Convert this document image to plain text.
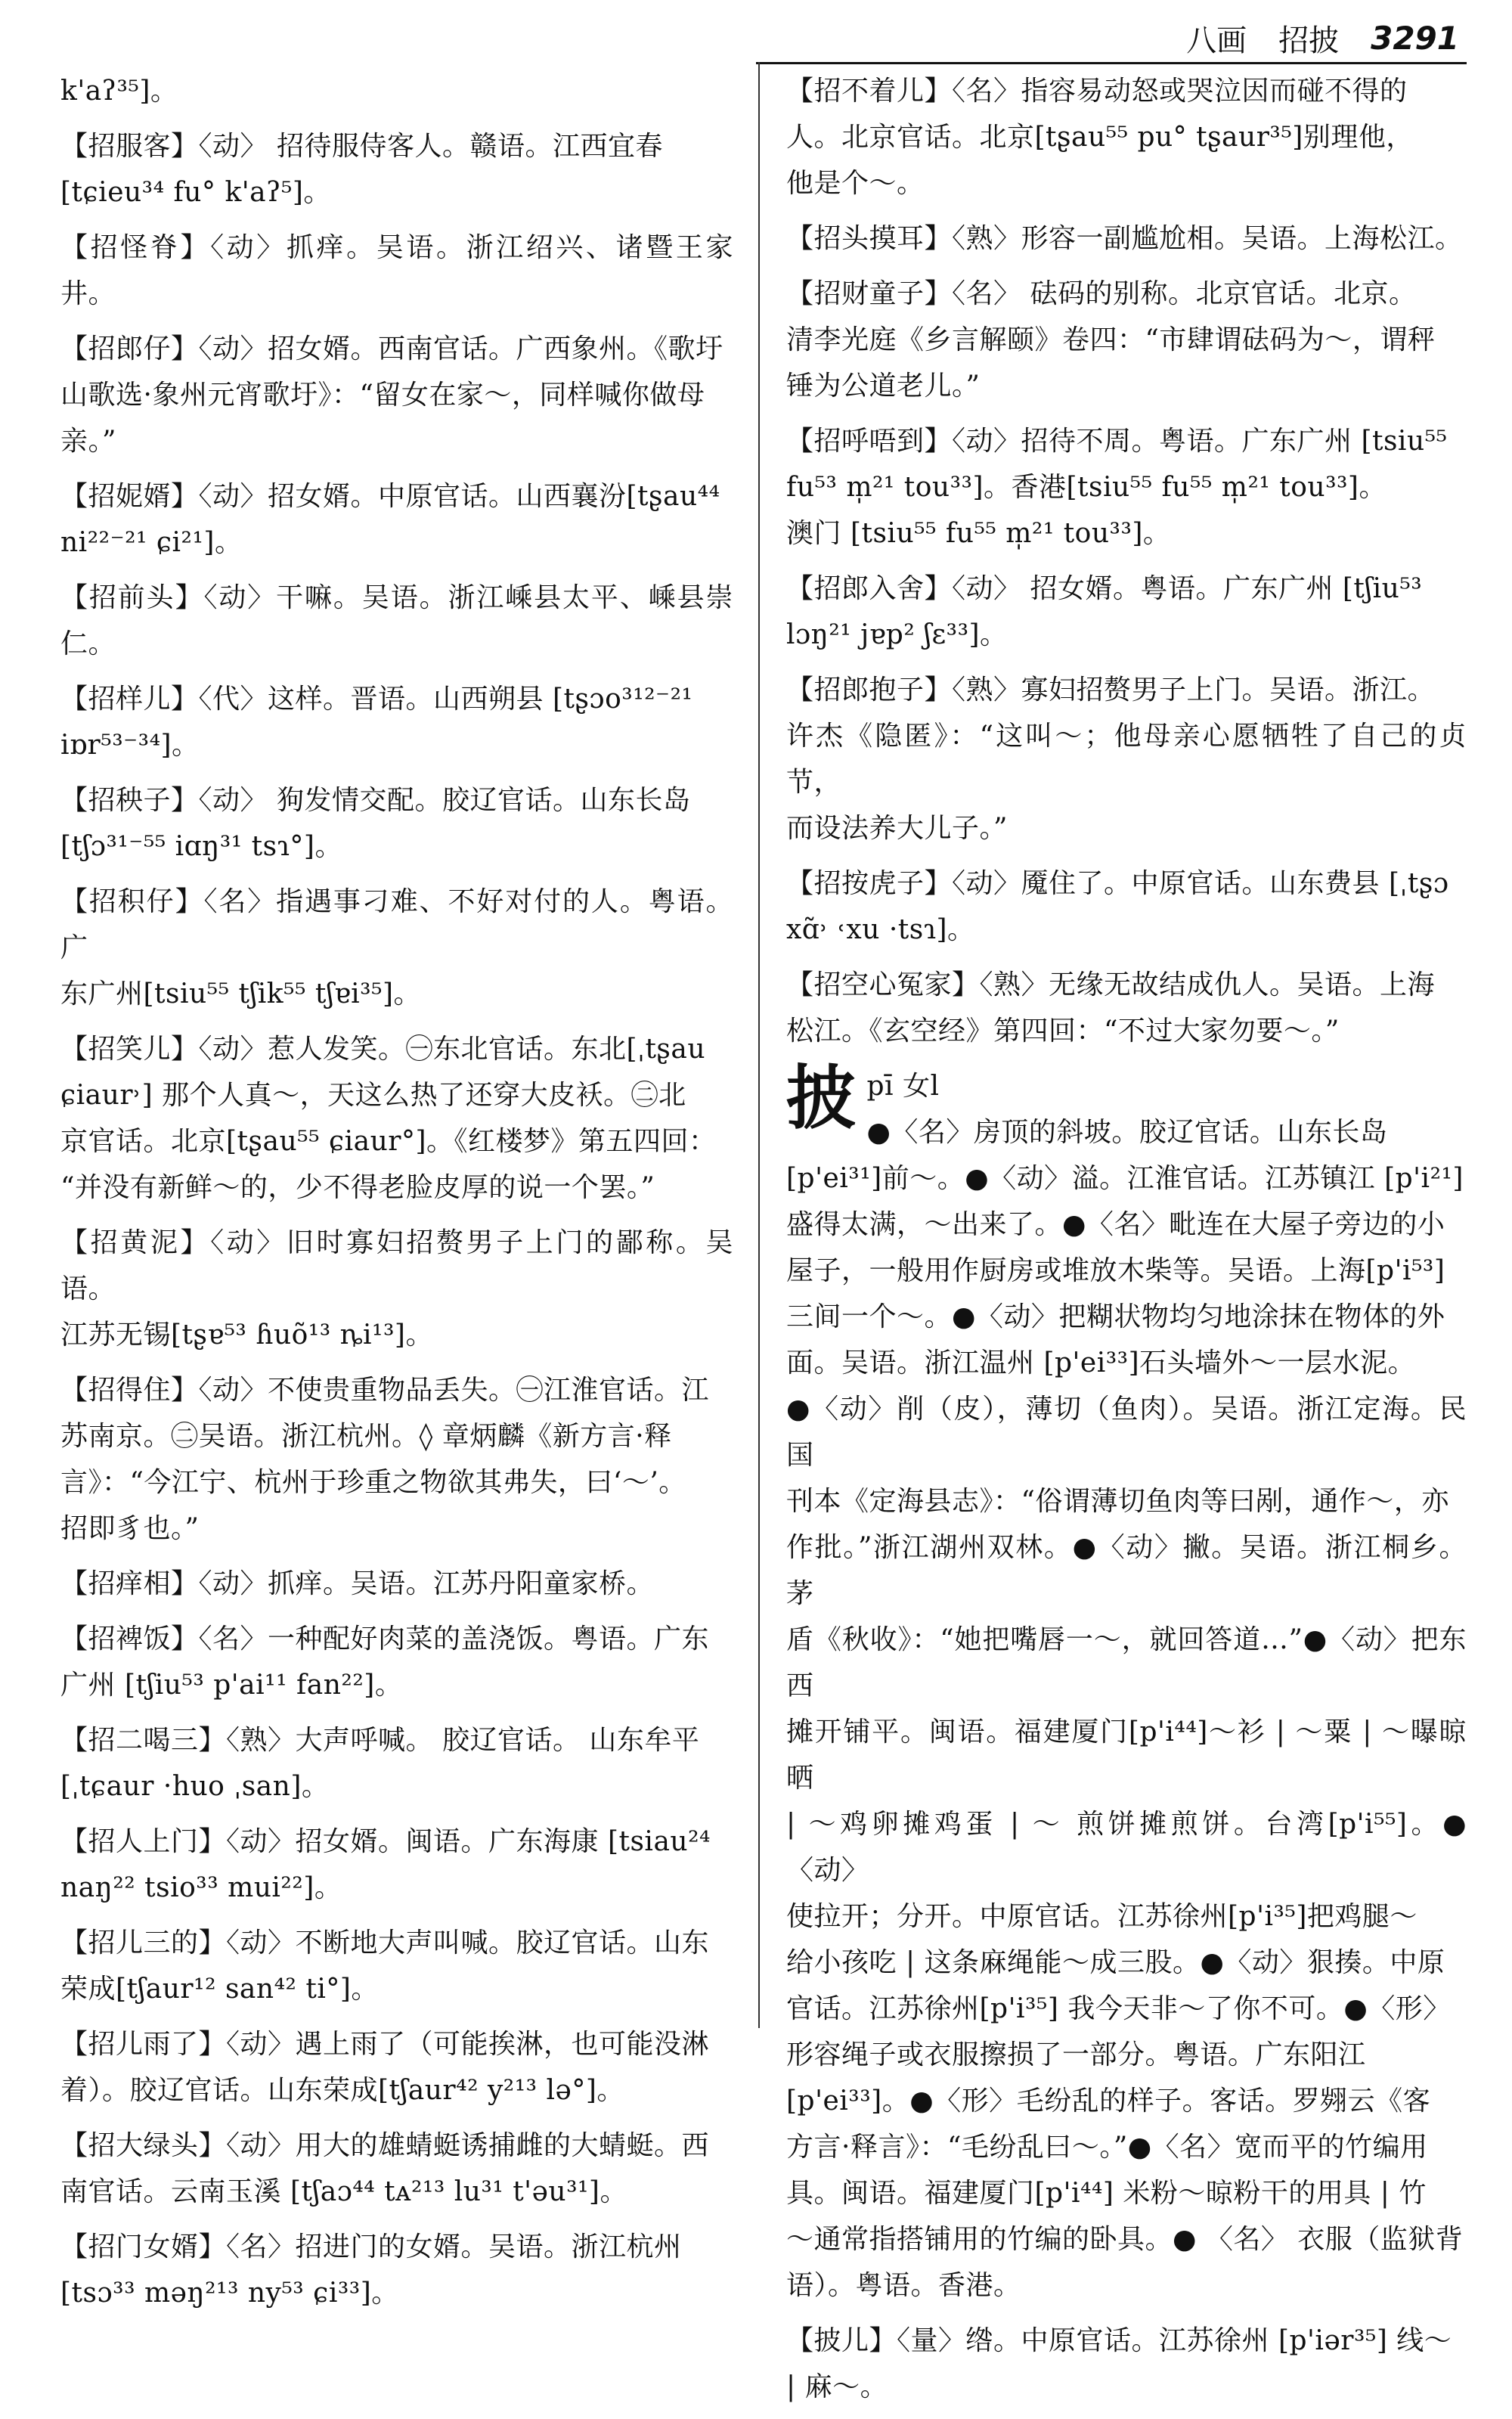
八画 招披 3291

k'aʔ³⁵]。

【招服客】〈动〉 招待服侍客人。赣语。江西宜春
[tɕieu³⁴ fu° k'aʔ⁵]。

【招怪脊】〈动〉抓痒。吴语。浙江绍兴、诸暨王家井。

【招郎仔】〈动〉招女婿。西南官话。广西象州。《歌圩
山歌选·象州元宵歌圩》：“留女在家～，同样喊你做母
亲。”

【招妮婿】〈动〉招女婿。中原官话。山西襄汾[tʂau⁴⁴
ni²²⁻²¹ ɕi²¹]。

【招前头】〈动〉干嘛。吴语。浙江嵊县太平、嵊县崇仁。

【招样儿】〈代〉这样。晋语。山西朔县 [tʂɔo³¹²⁻²¹
iɒr⁵³⁻³⁴]。

【招秧子】〈动〉 狗发情交配。胶辽官话。山东长岛
[tʃɔ³¹⁻⁵⁵ iɑŋ³¹ tsɿ°]。

【招积仔】〈名〉指遇事刁难、不好对付的人。粤语。广
东广州[tsiu⁵⁵ tʃik⁵⁵ tʃɐi³⁵]。

【招笑儿】〈动〉惹人发笑。㊀东北官话。东北[ˌtʂau
ɕiaur˒] 那个人真～，天这么热了还穿大皮袄。㊁北
京官话。北京[tʂau⁵⁵ ɕiaur°]。《红楼梦》第五四回：
“并没有新鲜～的，少不得老脸皮厚的说一个罢。”

【招黄泥】〈动〉旧时寡妇招赘男子上门的鄙称。吴语。
江苏无锡[tʂɐ⁵³ ɦuõ¹³ ȵi¹³]。

【招得住】〈动〉不使贵重物品丢失。㊀江淮官话。江
苏南京。㊁吴语。浙江杭州。◊ 章炳麟《新方言·释
言》：“今江宁、杭州于珍重之物欲其弗失，曰‘～’。
招即豸也。”

【招痒相】〈动〉抓痒。吴语。江苏丹阳童家桥。

【招裨饭】〈名〉一种配好肉菜的盖浇饭。粤语。广东
广州 [tʃiu⁵³ p'ai¹¹ fan²²]。

【招二喝三】〈熟〉大声呼喊。 胶辽官话。 山东牟平
[ˌtɕaur ·huo ˌsan]。

【招人上门】〈动〉招女婿。闽语。广东海康 [tsiau²⁴
naŋ²² tsio³³ mui²²]。

【招儿三的】〈动〉不断地大声叫喊。胶辽官话。山东
荣成[tʃaur¹² san⁴² ti°]。

【招儿雨了】〈动〉遇上雨了（可能挨淋，也可能没淋
着）。胶辽官话。山东荣成[tʃaur⁴² y²¹³ lə°]。

【招大绿头】〈动〉用大的雄蜻蜓诱捕雌的大蜻蜓。西
南官话。云南玉溪 [tʃaɔ⁴⁴ tᴀ²¹³ lu³¹ t'əu³¹]。

【招门女婿】〈名〉招进门的女婿。吴语。浙江杭州
[tsɔ³³ məŋ²¹³ ny⁵³ ɕi³³]。

【招不着儿】〈名〉指容易动怒或哭泣因而碰不得的
人。北京官话。北京[tʂau⁵⁵ pu° tʂaur³⁵]别理他，
他是个～。

【招头摸耳】〈熟〉形容一副尴尬相。吴语。上海松江。

【招财童子】〈名〉 砝码的别称。北京官话。北京。
清李光庭《乡言解颐》卷四：“市肆谓砝码为～，谓秤
锤为公道老儿。”

【招呼唔到】〈动〉招待不周。粤语。广东广州 [tsiu⁵⁵
fu⁵³ m̩²¹ tou³³]。香港[tsiu⁵⁵ fu⁵⁵ m̩²¹ tou³³]。
澳门 [tsiu⁵⁵ fu⁵⁵ m̩²¹ tou³³]。

【招郎入舍】〈动〉 招女婿。粤语。广东广州 [tʃiu⁵³
lɔŋ²¹ jɐp² ʃɛ³³]。

【招郎抱子】〈熟〉寡妇招赘男子上门。吴语。浙江。
许杰《隐匿》：“这叫～；他母亲心愿牺牲了自己的贞节，
而设法养大儿子。”

【招按虎子】〈动〉魇住了。中原官话。山东费县 [ˌtʂɔ
xɑ̃˒ ˓xu ·tsɿ]。

【招空心冤家】〈熟〉无缘无故结成仇人。吴语。上海
松江。《玄空经》第四回：“不过大家勿要～。”

披 pī 女l

●〈名〉房顶的斜坡。胶辽官话。山东长岛
[p'ei³¹]前～。●〈动〉溢。江淮官话。江苏镇江 [p'i²¹]
盛得太满，～出来了。●〈名〉毗连在大屋子旁边的小
屋子，一般用作厨房或堆放木柴等。吴语。上海[p'i⁵³]
三间一个～。●〈动〉把糊状物均匀地涂抹在物体的外
面。吴语。浙江温州 [p'ei³³]石头墙外～一层水泥。
●〈动〉削（皮），薄切（鱼肉）。吴语。浙江定海。民国
刊本《定海县志》：“俗谓薄切鱼肉等曰剐，通作～，亦
作批。”浙江湖州双林。●〈动〉撇。吴语。浙江桐乡。茅
盾《秋收》：“她把嘴唇一～，就回答道…”●〈动〉把东西
摊开铺平。闽语。福建厦门[p'i⁴⁴]～衫 | ～粟 | ～曝晾晒
| ～鸡卵摊鸡蛋 | ～ 煎饼摊煎饼。台湾[p'i⁵⁵]。●〈动〉
使拉开；分开。中原官话。江苏徐州[p'i³⁵]把鸡腿～
给小孩吃 | 这条麻绳能～成三股。●〈动〉狠揍。中原
官话。江苏徐州[p'i³⁵] 我今天非～了你不可。●〈形〉
形容绳子或衣服擦损了一部分。粤语。广东阳江
[p'ei³³]。●〈形〉毛纷乱的样子。客话。罗翙云《客
方言·释言》：“毛纷乱曰～。”●〈名〉宽而平的竹编用
具。闽语。福建厦门[p'i⁴⁴] 米粉～晾粉干的用具 | 竹
～通常指搭铺用的竹编的卧具。● 〈名〉 衣服（监狱背
语）。粤语。香港。

【披儿】〈量〉绺。中原官话。江苏徐州 [p'iər³⁵] 线～
| 麻～。
